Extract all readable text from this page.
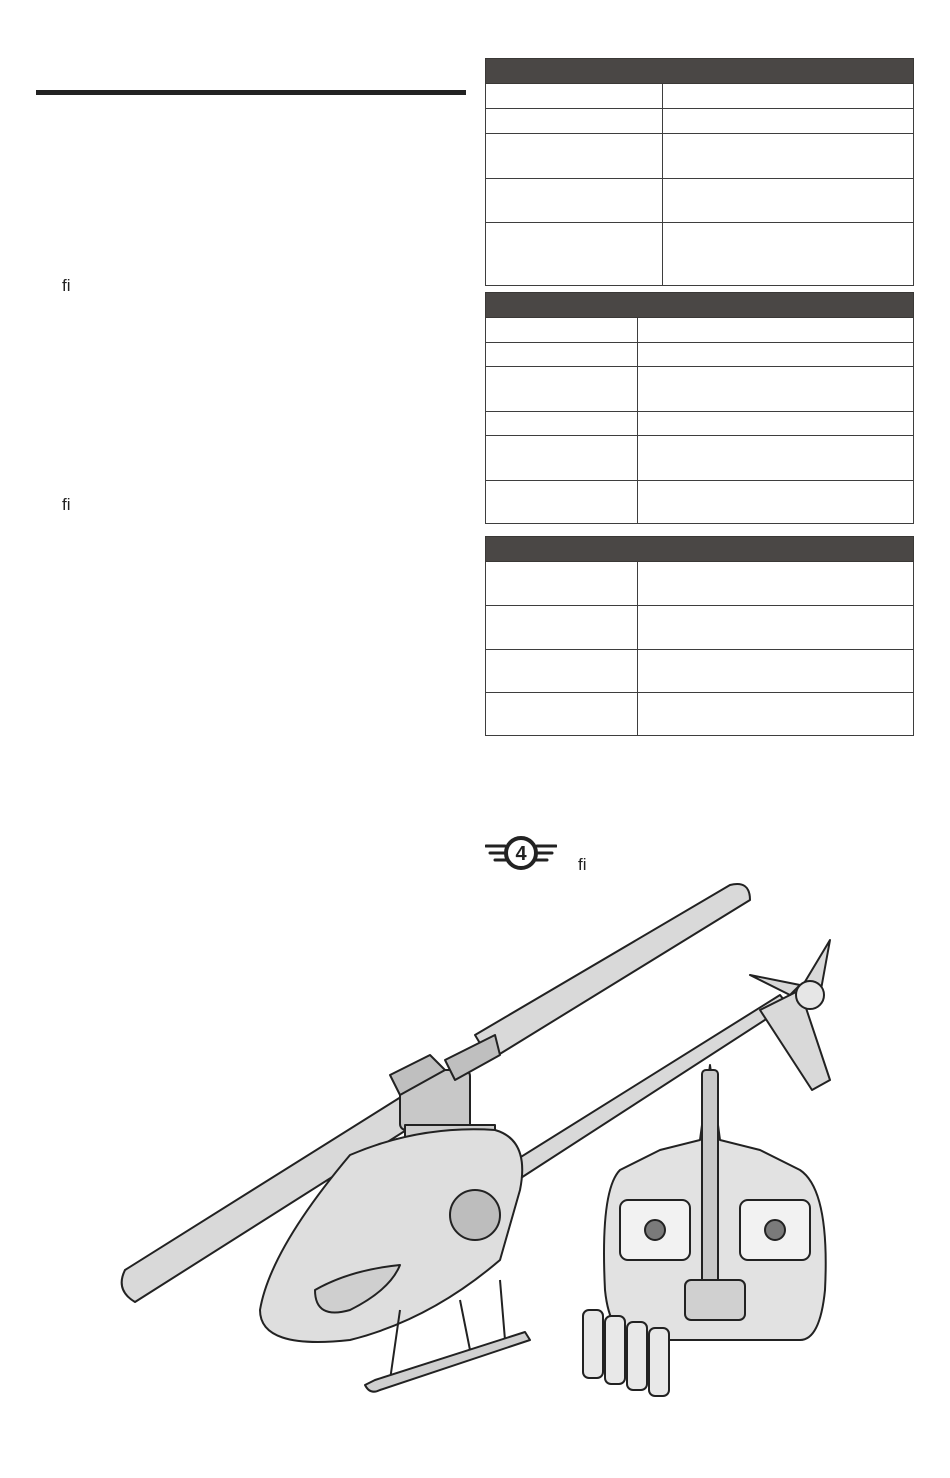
fi
fi

4	fi
